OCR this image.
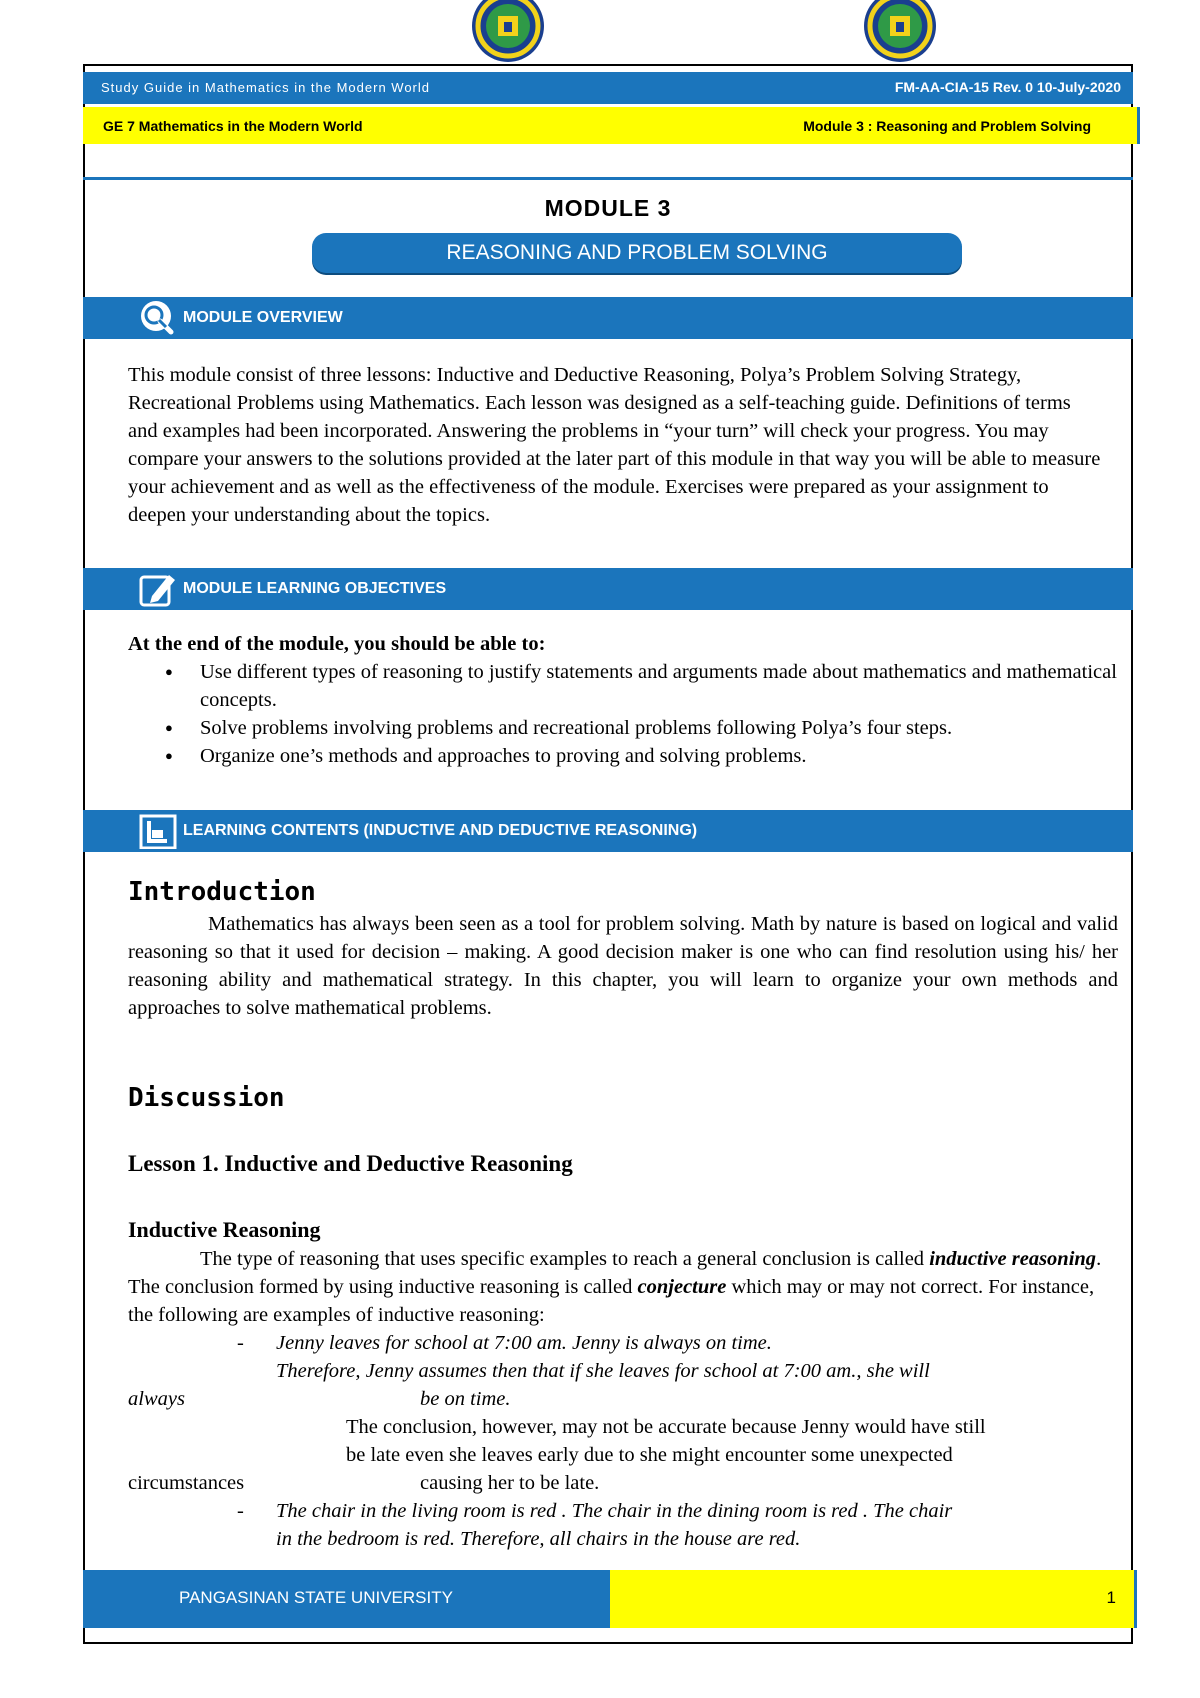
Study Guide in Mathematics in the Modern World	FM-AA-CIA-15 Rev. 0 10-July-2020
GE 7 Mathematics in the Modern World	Module 3 : Reasoning and Problem Solving
MODULE 3
REASONING AND PROBLEM SOLVING
MODULE OVERVIEW
This module consist of three lessons: Inductive and Deductive Reasoning, Polya’s Problem Solving Strategy, Recreational Problems using Mathematics. Each lesson was designed as a self-teaching guide. Definitions of terms and examples had been incorporated. Answering the problems in “your turn” will check your progress. You may compare your answers to the solutions provided at the later part of this module in that way you will be able to measure your achievement and as well as the effectiveness of the module. Exercises were prepared as your assignment to deepen your understanding about the topics.
MODULE LEARNING OBJECTIVES
At the end of the module, you should be able to:
● Use different types of reasoning to justify statements and arguments made about mathematics and mathematical concepts.
● Solve problems involving problems and recreational problems following Polya’s four steps.
● Organize one’s methods and approaches to proving and solving problems.
LEARNING CONTENTS (INDUCTIVE AND DEDUCTIVE REASONING)
Introduction
Mathematics has always been seen as a tool for problem solving. Math by nature is based on logical and valid reasoning so that it used for decision – making. A good decision maker is one who can find resolution using his/ her reasoning ability and mathematical strategy. In this chapter, you will learn to organize your own methods and approaches to solve mathematical problems.
Discussion
Lesson 1. Inductive and Deductive Reasoning
Inductive Reasoning
The type of reasoning that uses specific examples to reach a general conclusion is called inductive reasoning. The conclusion formed by using inductive reasoning is called conjecture which may or may not correct. For instance, the following are examples of inductive reasoning:
- Jenny leaves for school at 7:00 am. Jenny is always on time.
Therefore, Jenny assumes then that if she leaves for school at 7:00 am., she will
always	be on time.
The conclusion, however, may not be accurate because Jenny would have still
be late even she leaves early due to she might encounter some unexpected
circumstances	causing her to be late.
- The chair in the living room is red . The chair in the dining room is red . The chair
in the bedroom is red. Therefore, all chairs in the house are red.
PANGASINAN STATE UNIVERSITY	1
